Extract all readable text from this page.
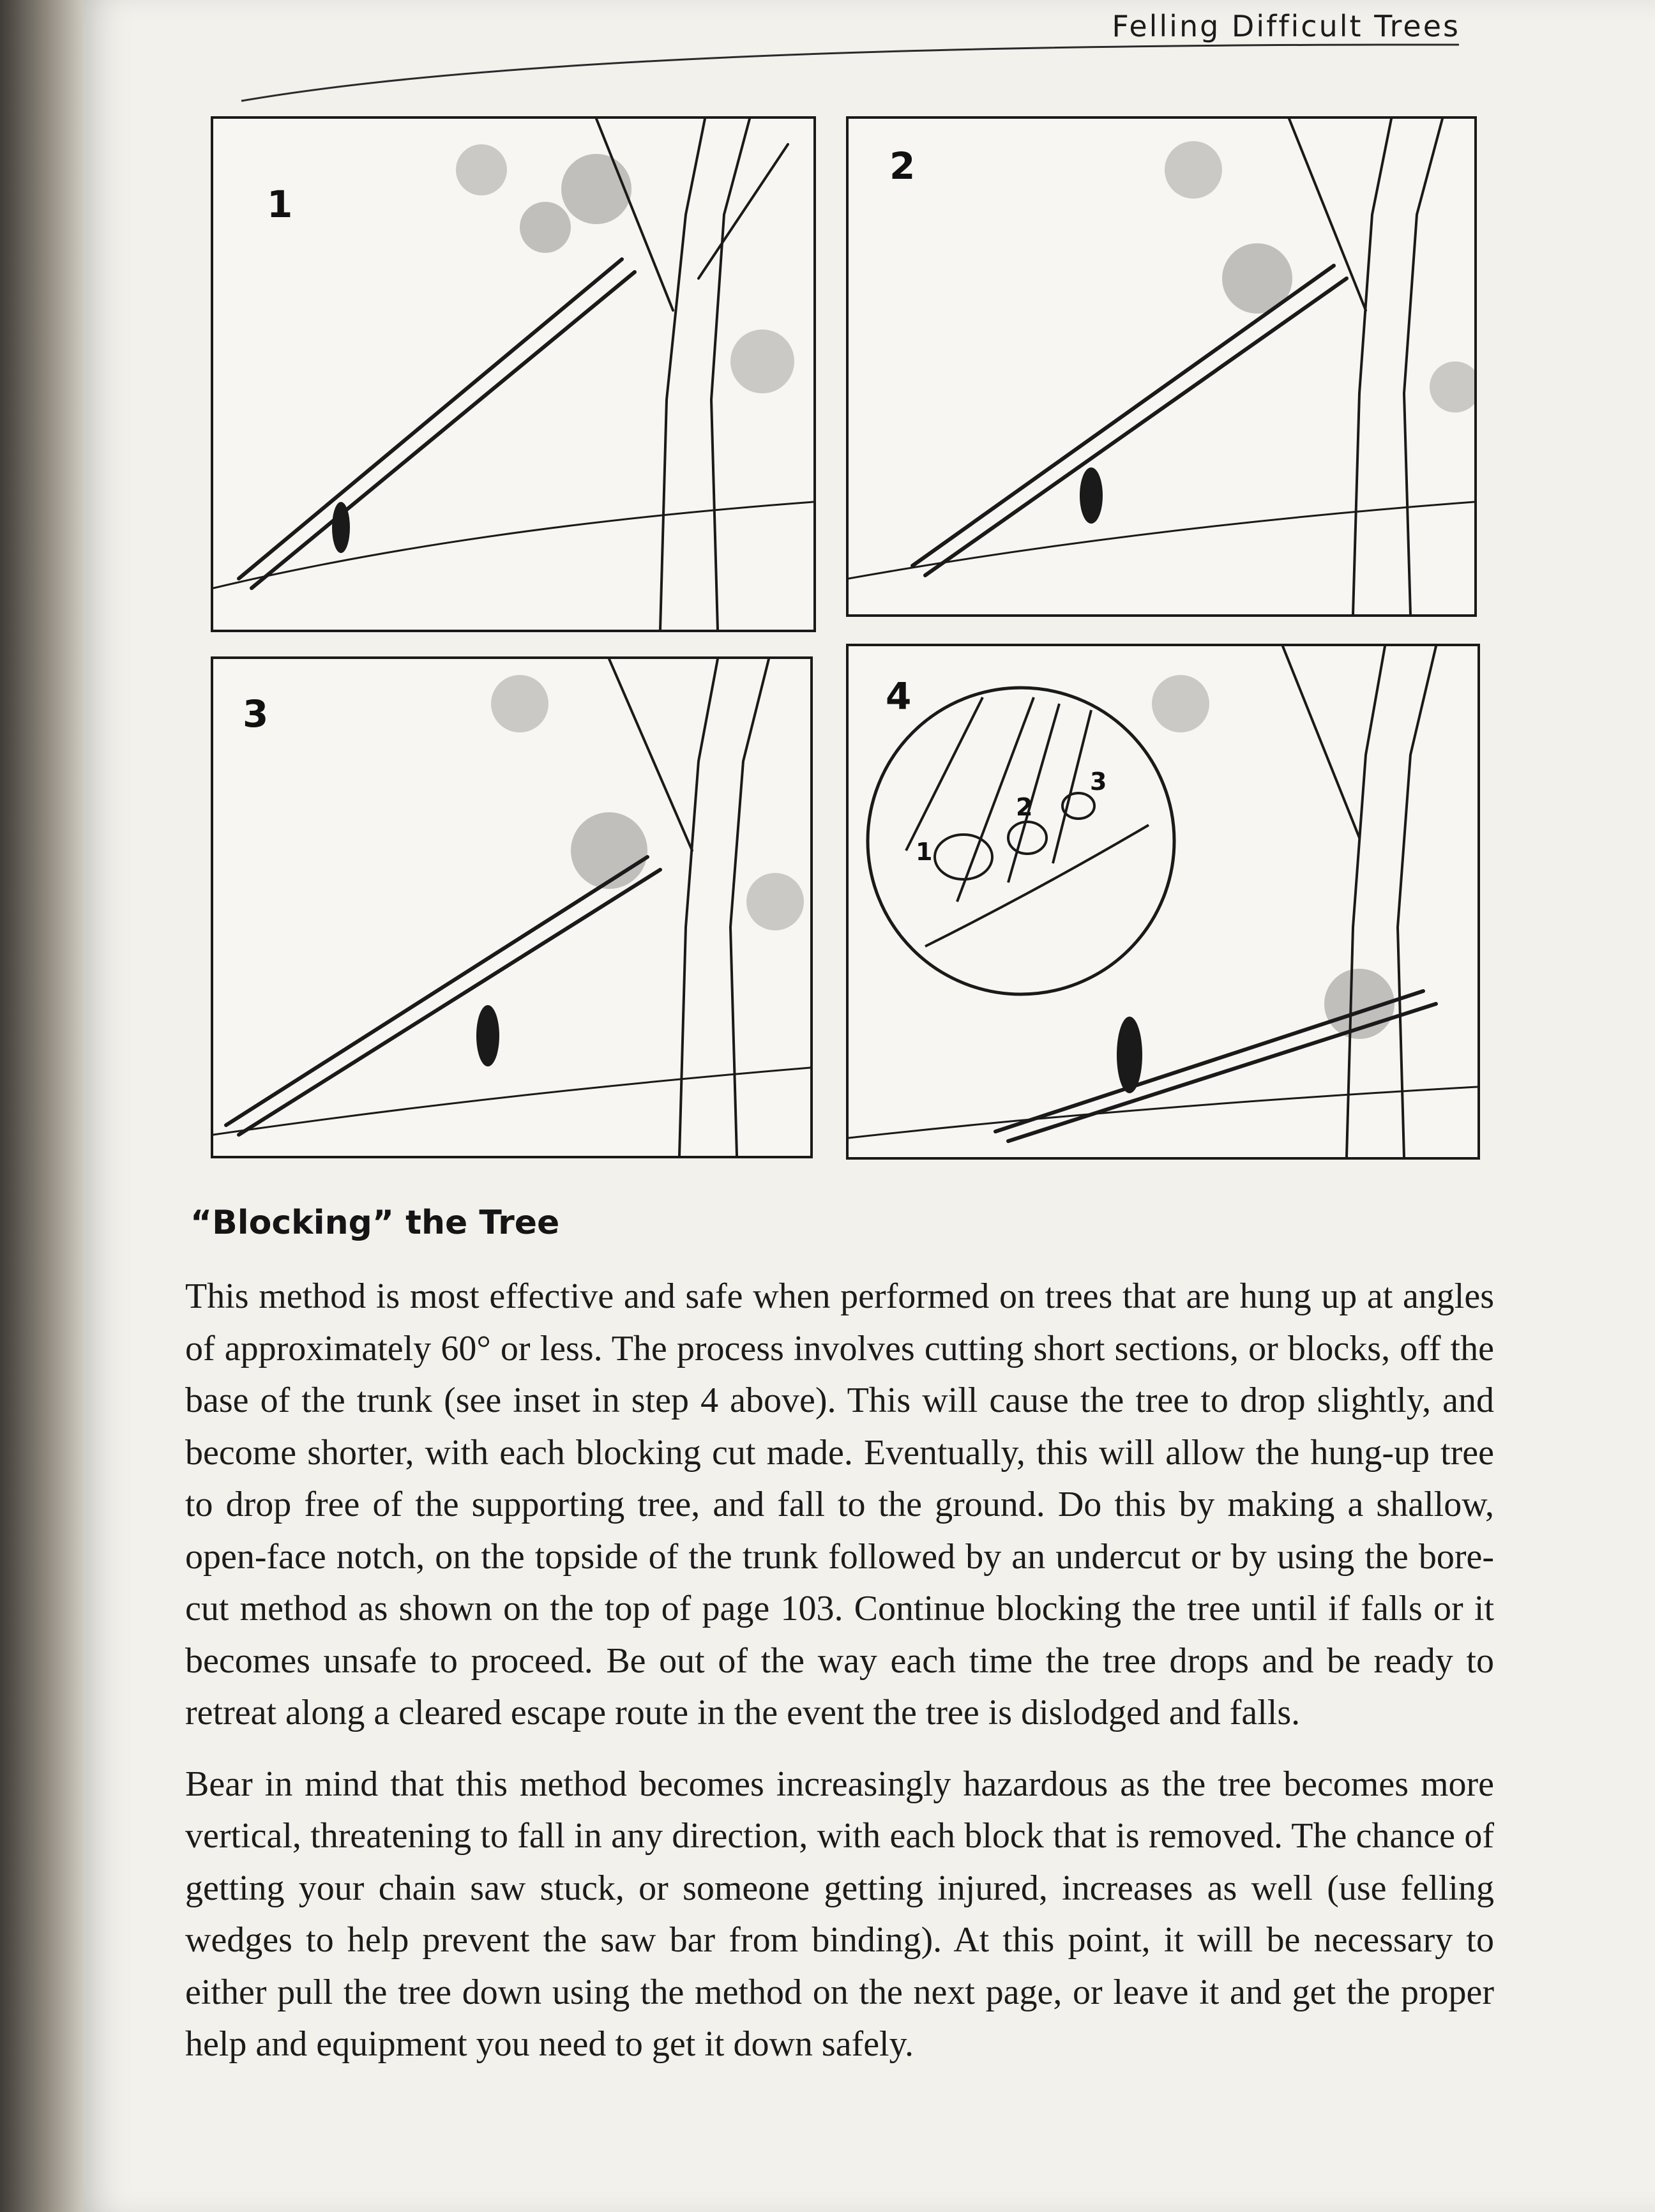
Felling Difficult Trees
1
2
3	4
1
2
3
“Blocking” the Tree

This method is most effective and safe when performed on trees that are hung up at angles of approximately 60° or less. The process involves cutting short sections, or blocks, off the base of the trunk (see inset in step 4 above). This will cause the tree to drop slightly, and become shorter, with each blocking cut made. Eventually, this will allow the hung-up tree to drop free of the supporting tree, and fall to the ground. Do this by making a shallow, open-face notch, on the topside of the trunk followed by an undercut or by using the bore-cut method as shown on the top of page 103. Continue blocking the tree until if falls or it becomes unsafe to proceed. Be out of the way each time the tree drops and be ready to retreat along a cleared escape route in the event the tree is dislodged and falls.

Bear in mind that this method becomes increasingly hazardous as the tree becomes more vertical, threatening to fall in any direction, with each block that is removed. The chance of getting your chain saw stuck, or someone getting injured, increases as well (use felling wedges to help prevent the saw bar from binding). At this point, it will be necessary to either pull the tree down using the method on the next page, or leave it and get the proper help and equipment you need to get it down safely.
